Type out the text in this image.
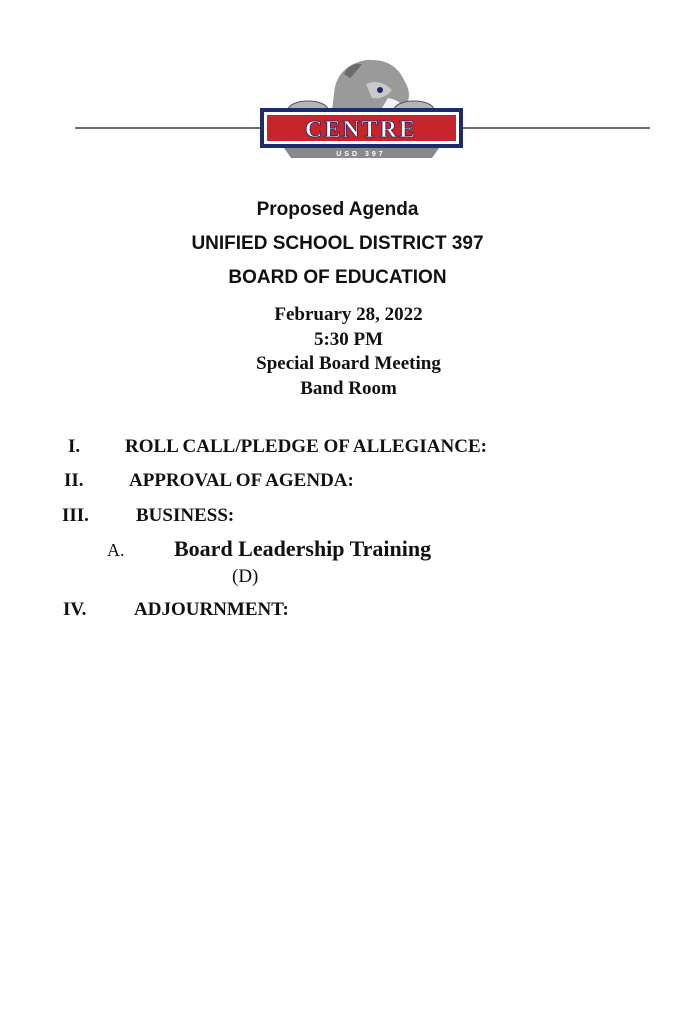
CENTRE
USD 397
Proposed Agenda
UNIFIED SCHOOL DISTRICT 397
BOARD OF EDUCATION
February 28, 2022
5:30 PM
Special Board Meeting
Band Room
I. ROLL CALL/PLEDGE OF ALLEGIANCE:
II. APPROVAL OF AGENDA:
III. BUSINESS:
A. Board Leadership Training
(D)
IV.	ADJOURNMENT:
